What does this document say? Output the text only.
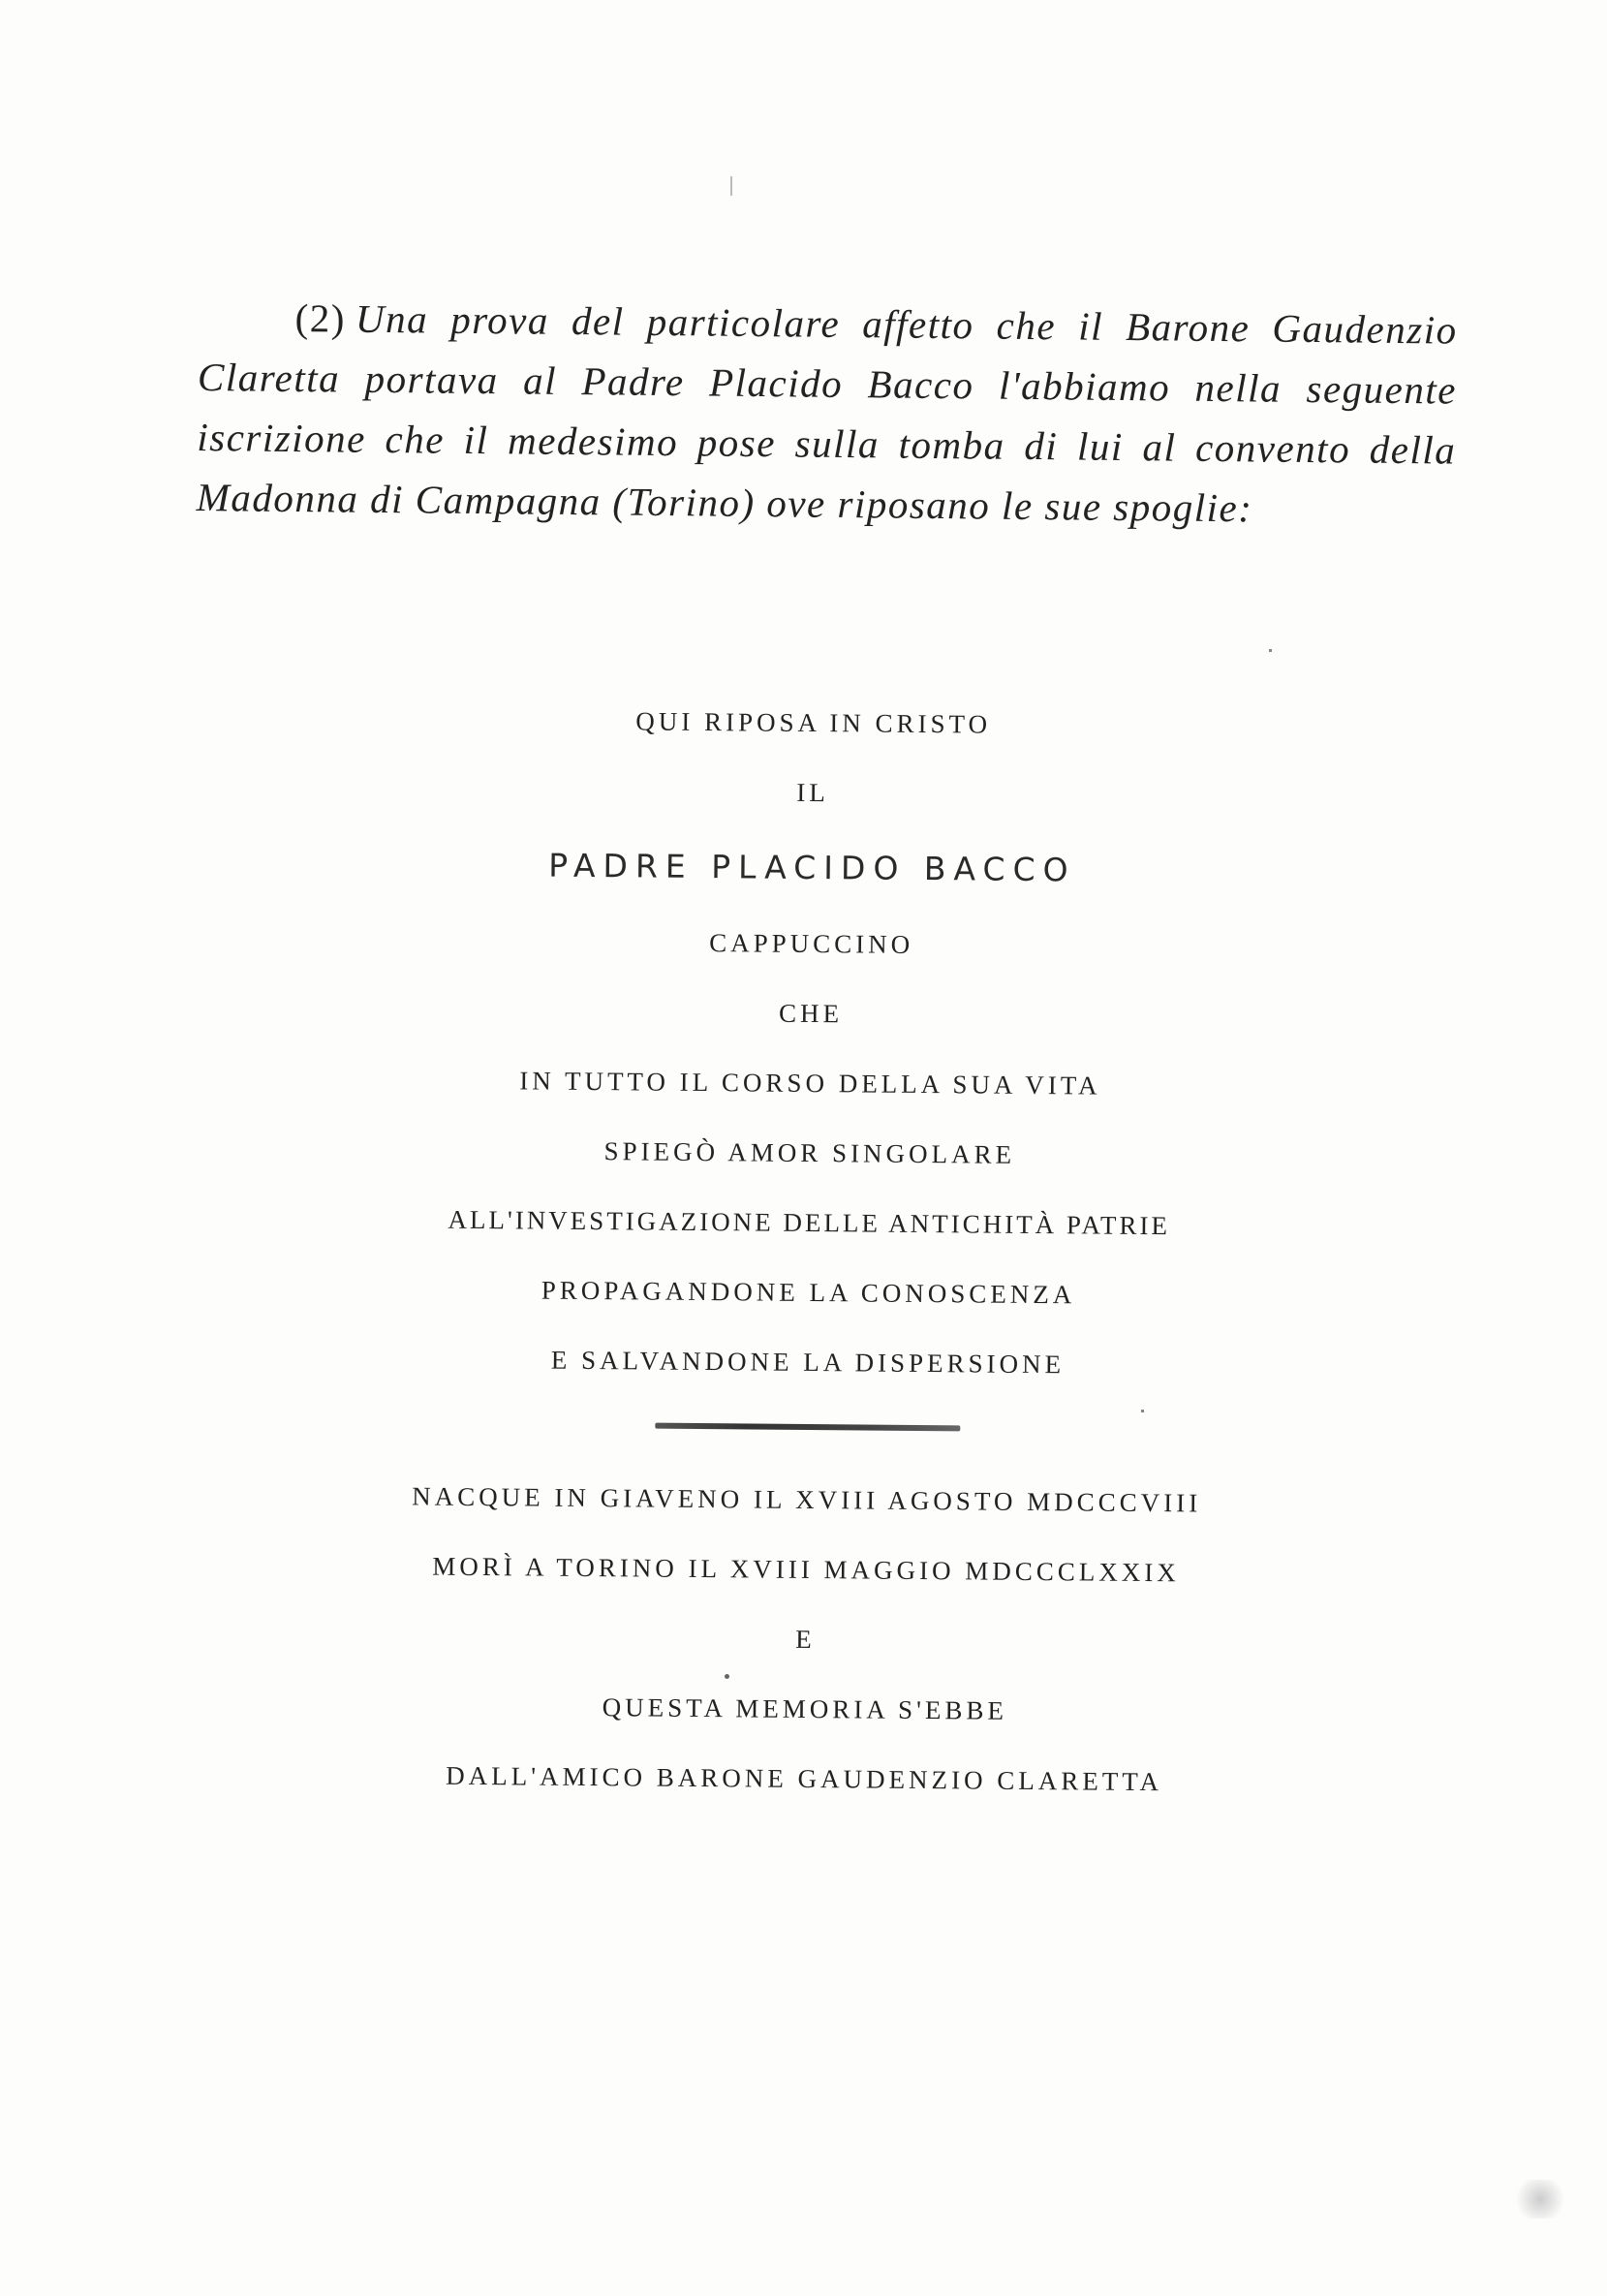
(2) Una prova del particolare affetto che il Barone Gaudenzio Claretta portava al Padre Placido Bacco l'abbiamo nella seguente iscrizione che il medesimo pose sulla tomba di lui al convento della Madonna di Campagna (Torino) ove riposano le sue spoglie:

QUI RIPOSA IN CRISTO
IL
PADRE PLACIDO BACCO
CAPPUCCINO
CHE
IN TUTTO IL CORSO DELLA SUA VITA
SPIEGÒ AMOR SINGOLARE
ALL'INVESTIGAZIONE DELLE ANTICHITÀ PATRIE
PROPAGANDONE LA CONOSCENZA
E SALVANDONE LA DISPERSIONE
NACQUE IN GIAVENO IL XVIII AGOSTO MDCCCVIII
MORÌ A TORINO IL XVIII MAGGIO MDCCCLXXIX
E
QUESTA MEMORIA S'EBBE
DALL'AMICO BARONE GAUDENZIO CLARETTA
